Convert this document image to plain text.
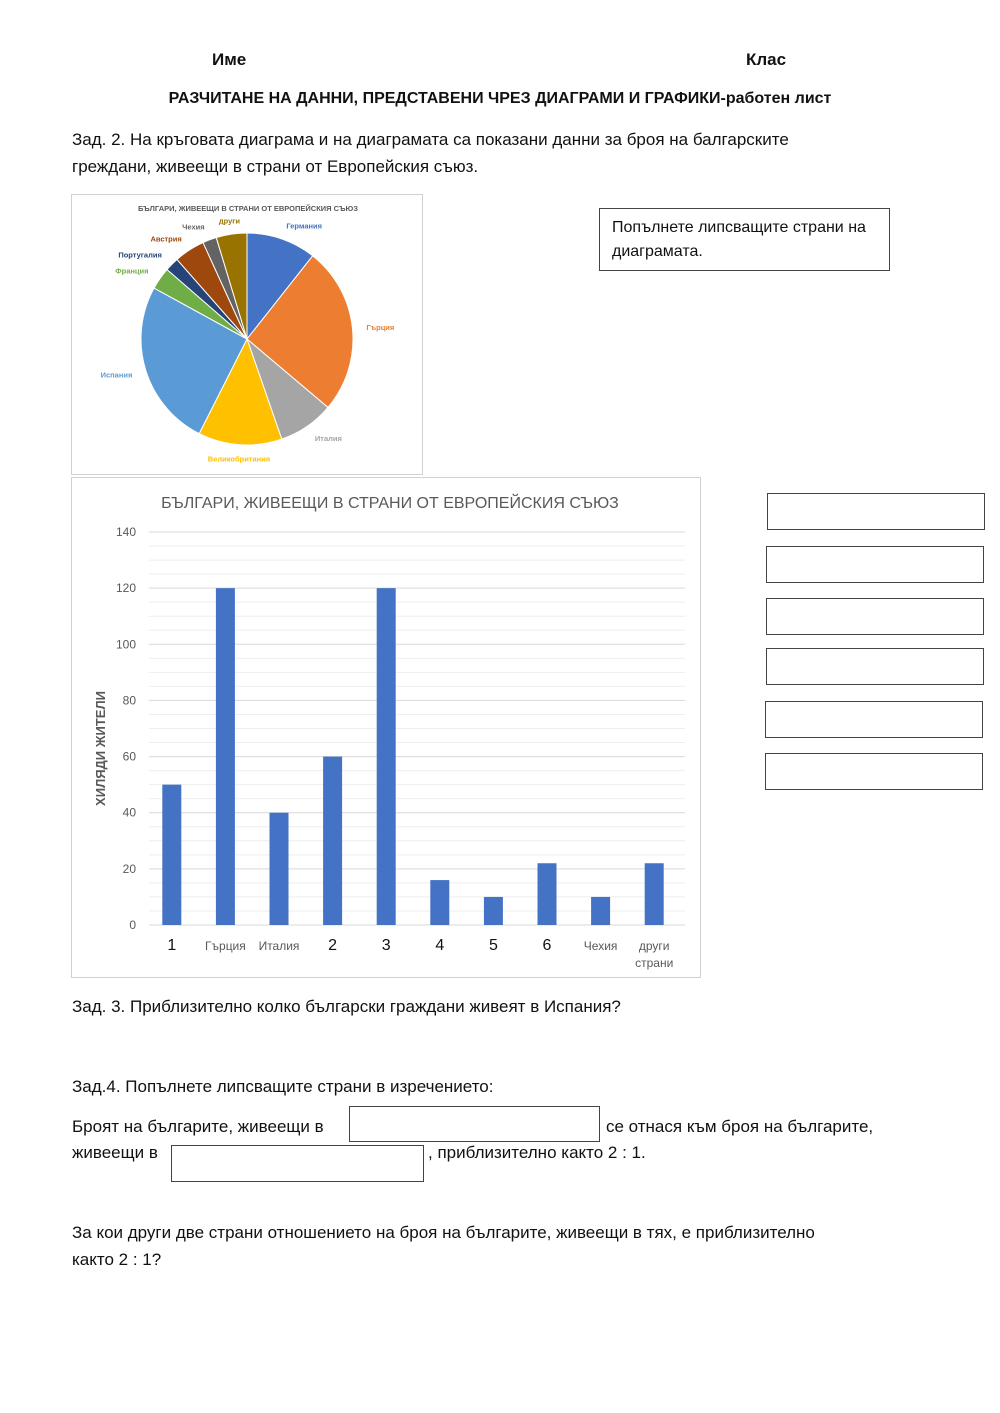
Име	Клас
РАЗЧИТАНЕ НА ДАННИ, ПРЕДСТАВЕНИ ЧРЕЗ ДИАГРАМИ И ГРАФИКИ-работен лист
Зад. 2. На кръговата диаграма и на диаграмата са показани данни за броя на балгарските
греждани, живеещи в страни от Европейския съюз.
БЪЛГАРИ, ЖИВЕЕЩИ В СТРАНИ ОТ ЕВРОПЕЙСКИЯ СЪЮЗ
Германия
Гърция
Италия
Великобритания
Испания
Франция
Португалия
Австрия
Чехия
други	Попълнете липсващите страни на
диаграмата.
БЪЛГАРИ, ЖИВЕЕЩИ В СТРАНИ ОТ ЕВРОПЕЙСКИЯ СЪЮЗ
0
20
40
60
80
100
120
140
ХИЛЯДИ ЖИТЕЛИ
1 Гърция Италия 2	3	4	5	6	Чехия други
страни
Зад. 3. Приблизително колко български граждани живеят в Испания?
Зад.4. Попълнете липсващите страни в изречението:
Броят на българите, живеещи в	се отнася към броя на българите,
живеещи в	, приблизително както 2 : 1.
За кои други две страни отношението на броя на българите, живеещи в тях, е приблизително
както 2 : 1?
